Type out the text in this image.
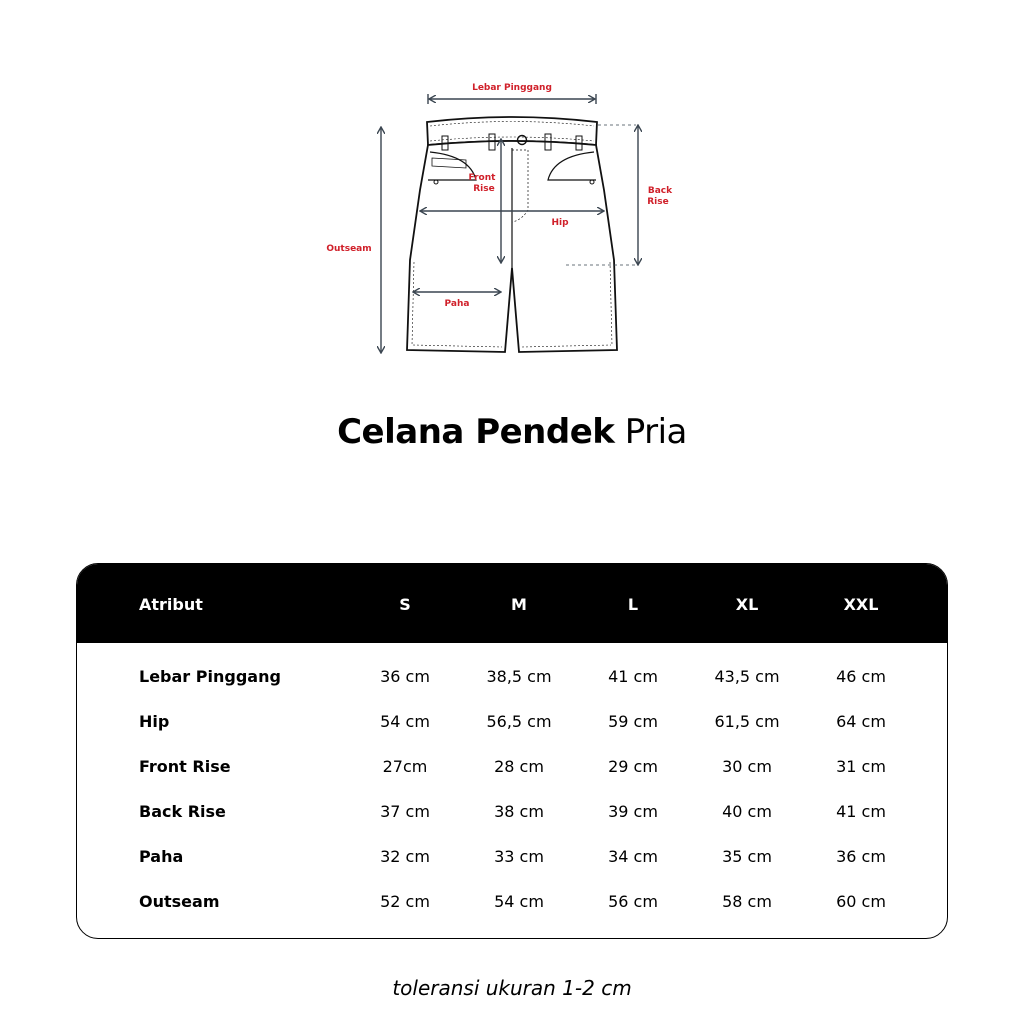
Lebar Pinggang
Front
Rise	Back
Rise
Hip
Outseam
Paha
Celana Pendek Pria
Atribut	S	M	L	XL	XXL
Lebar Pinggang	36 cm	38,5 cm	41 cm	43,5 cm	46 cm
Hip	54 cm	56,5 cm	59 cm	61,5 cm	64 cm
Front Rise	27cm	28 cm	29 cm	30 cm	31 cm
Back Rise	37 cm	38 cm	39 cm	40 cm	41 cm
Paha	32 cm	33 cm	34 cm	35 cm	36 cm
Outseam	52 cm	54 cm	56 cm	58 cm	60 cm
toleransi ukuran 1-2 cm
